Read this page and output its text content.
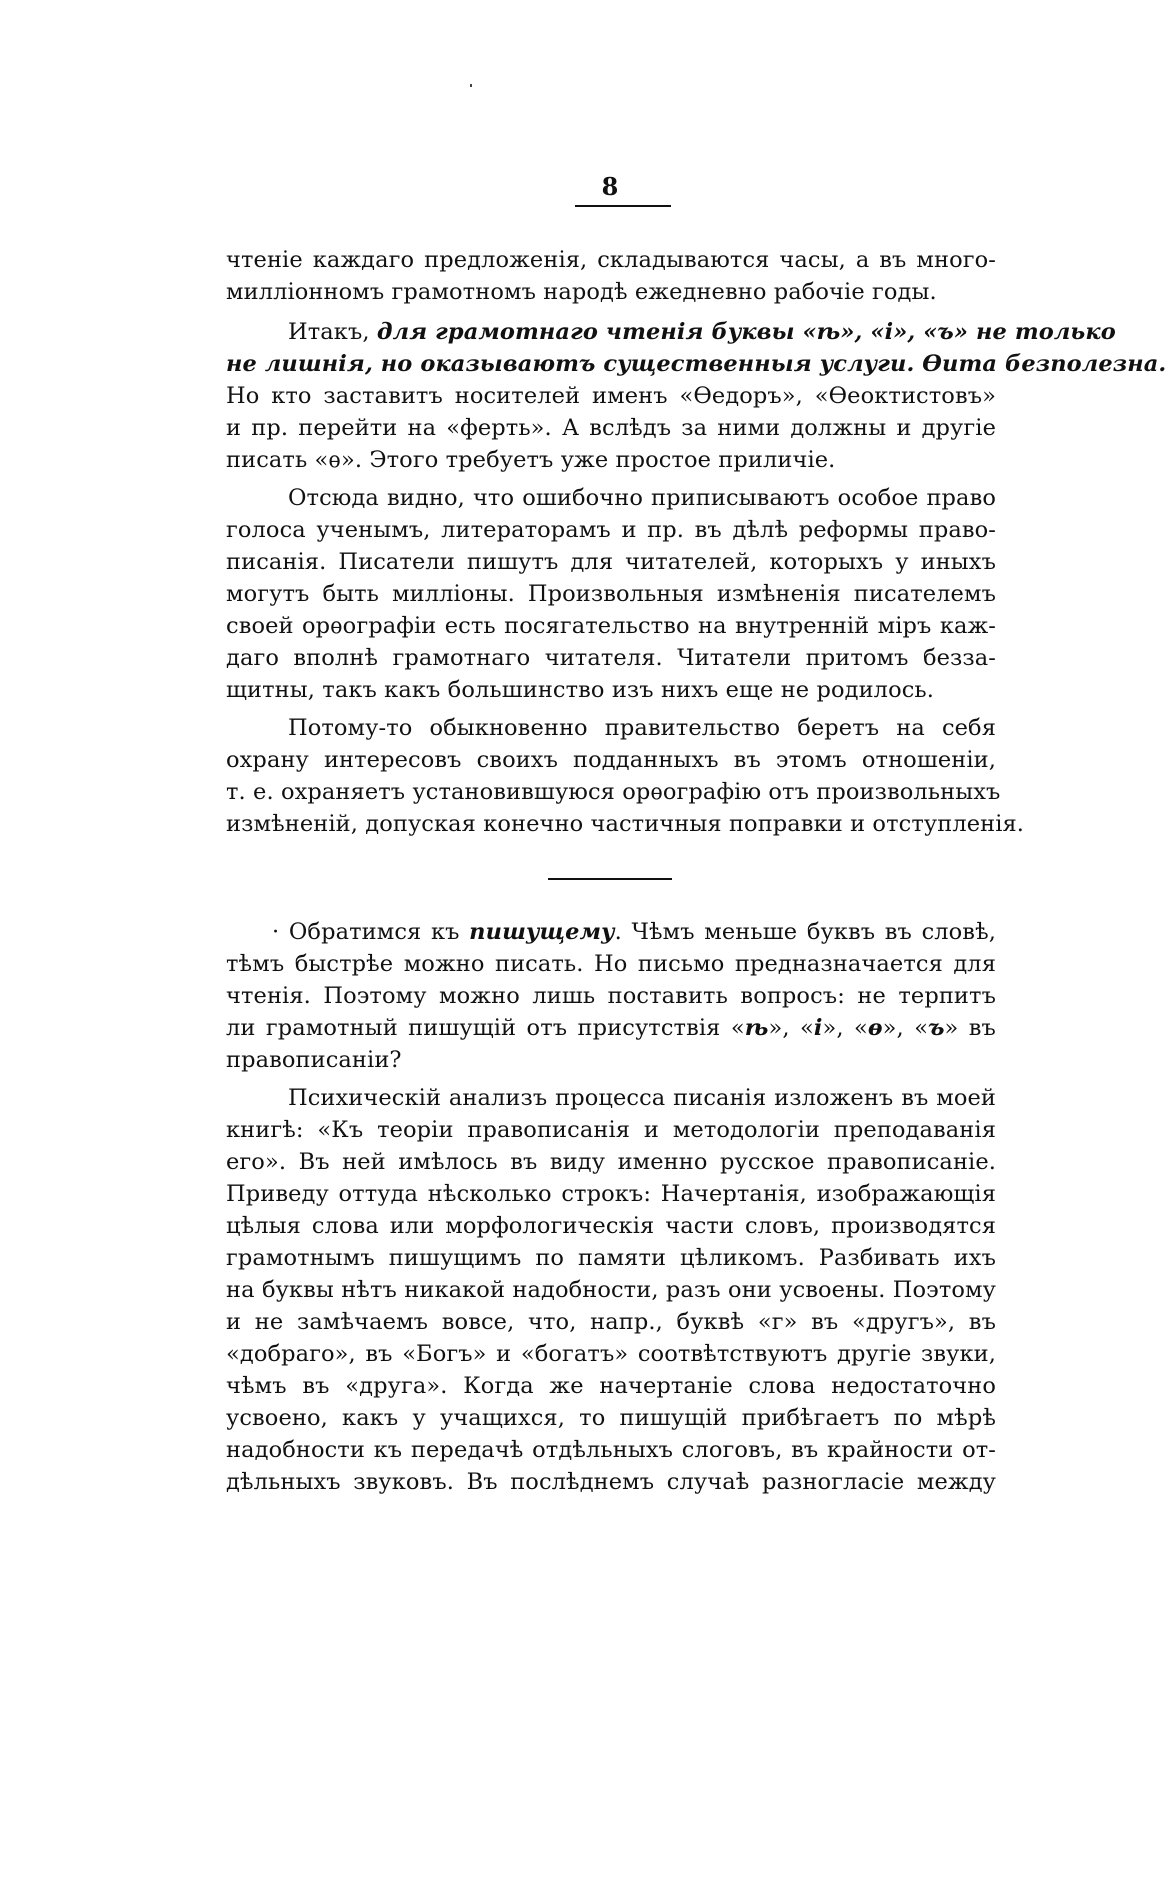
8
чтеніе каждаго предложенія, складываются часы, а въ много-
милліонномъ грамотномъ народѣ ежедневно рабочіе годы.
Итакъ, для грамотнаго чтенія буквы «ѣ», «і», «ъ» не только
не лишнія, но оказываютъ существенныя услуги. Ѳита безполезна.
Но кто заставитъ носителей именъ «Ѳедоръ», «Ѳеоктистовъ»
и пр. перейти на «ферть». А вслѣдъ за ними должны и другіе
писать «ѳ». Этого требуетъ уже простое приличіе.
Отсюда видно, что ошибочно приписываютъ особое право
голоса ученымъ, литераторамъ и пр. въ дѣлѣ реформы право-
писанія. Писатели пишутъ для читателей, которыхъ у иныхъ
могутъ быть милліоны. Произвольныя измѣненія писателемъ
своей орѳографіи есть посягательство на внутренній міръ каж-
даго вполнѣ грамотнаго читателя. Читатели притомъ безза-
щитны, такъ какъ большинство изъ нихъ еще не родилось.
Потому-то обыкновенно правительство беретъ на себя
охрану интересовъ своихъ подданныхъ въ этомъ отношеніи,
т. е. охраняетъ установившуюся орѳографію отъ произвольныхъ
измѣненій, допуская конечно частичныя поправки и отступленія.
· Обратимся къ пишущему. Чѣмъ меньше буквъ въ словѣ,
тѣмъ быстрѣе можно писать. Но письмо предназначается для
чтенія. Поэтому можно лишь поставить вопросъ: не терпитъ
ли грамотный пишущій отъ присутствія «ѣ», «і», «ѳ», «ъ» въ
правописаніи?
Психическій анализъ процесса писанія изложенъ въ моей
книгѣ: «Къ теоріи правописанія и методологіи преподаванія
его». Въ ней имѣлось въ виду именно русское правописаніе.
Приведу оттуда нѣсколько строкъ: Начертанія, изображающія
цѣлыя слова или морфологическія части словъ, производятся
грамотнымъ пишущимъ по памяти цѣликомъ. Разбивать ихъ
на буквы нѣтъ никакой надобности, разъ они усвоены. Поэтому
и не замѣчаемъ вовсе, что, напр., буквѣ «г» въ «другъ», въ
«добраго», въ «Богъ» и «богатъ» соотвѣтствуютъ другіе звуки,
чѣмъ въ «друга». Когда же начертаніе слова недостаточно
усвоено, какъ у учащихся, то пишущій прибѣгаетъ по мѣрѣ
надобности къ передачѣ отдѣльныхъ слоговъ, въ крайности от-
дѣльныхъ звуковъ. Въ послѣднемъ случаѣ разногласіе между
